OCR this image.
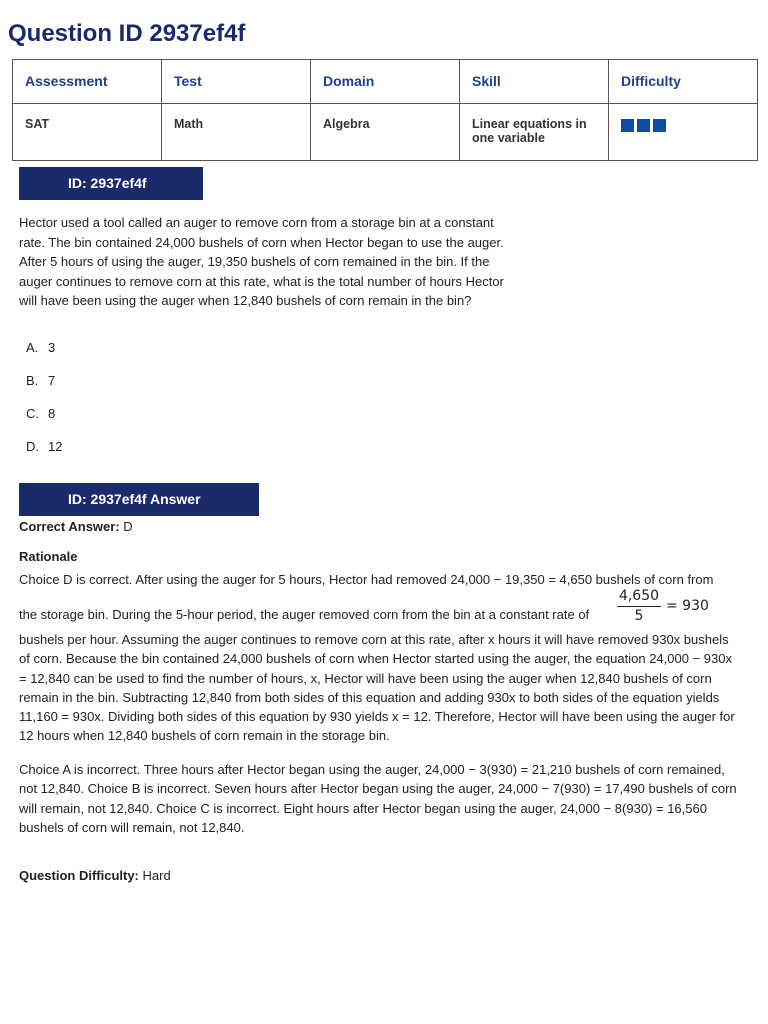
Question ID 2937ef4f
Assessment	Test	Domain	Skill	Difficulty
SAT	Math	Algebra	Linear equations in one variable	
ID: 2937ef4f

Hector used a tool called an auger to remove corn from a storage bin at a constant rate. The bin contained 24,000 bushels of corn when Hector began to use the auger. After 5 hours of using the auger, 19,350 bushels of corn remained in the bin. If the auger continues to remove corn at this rate, what is the total number of hours Hector will have been using the auger when 12,840 bushels of corn remain in the bin?

A. 3
B. 7
C. 8
D. 12
ID: 2937ef4f Answer

Correct Answer: D

Rationale

Choice D is correct. After using the auger for 5 hours, Hector had removed 24,000 − 19,350 = 4,650 bushels of corn from

the storage bin. During the 5-hour period, the auger removed corn from the bin at a constant rate of	$\frac{4,650}{5} = 930$

bushels per hour. Assuming the auger continues to remove corn at this rate, after x hours it will have removed 930x bushels of corn. Because the bin contained 24,000 bushels of corn when Hector started using the auger, the equation 24,000 − 930x = 12,840 can be used to find the number of hours, x, Hector will have been using the auger when 12,840 bushels of corn remain in the bin. Subtracting 12,840 from both sides of this equation and adding 930x to both sides of the equation yields 11,160 = 930x. Dividing both sides of this equation by 930 yields x = 12. Therefore, Hector will have been using the auger for 12 hours when 12,840 bushels of corn remain in the storage bin.

Choice A is incorrect. Three hours after Hector began using the auger, 24,000 − 3(930) = 21,210 bushels of corn remained, not 12,840. Choice B is incorrect. Seven hours after Hector began using the auger, 24,000 − 7(930) = 17,490 bushels of corn will remain, not 12,840. Choice C is incorrect. Eight hours after Hector began using the auger, 24,000 − 8(930) = 16,560 bushels of corn will remain, not 12,840.

Question Difficulty: Hard
